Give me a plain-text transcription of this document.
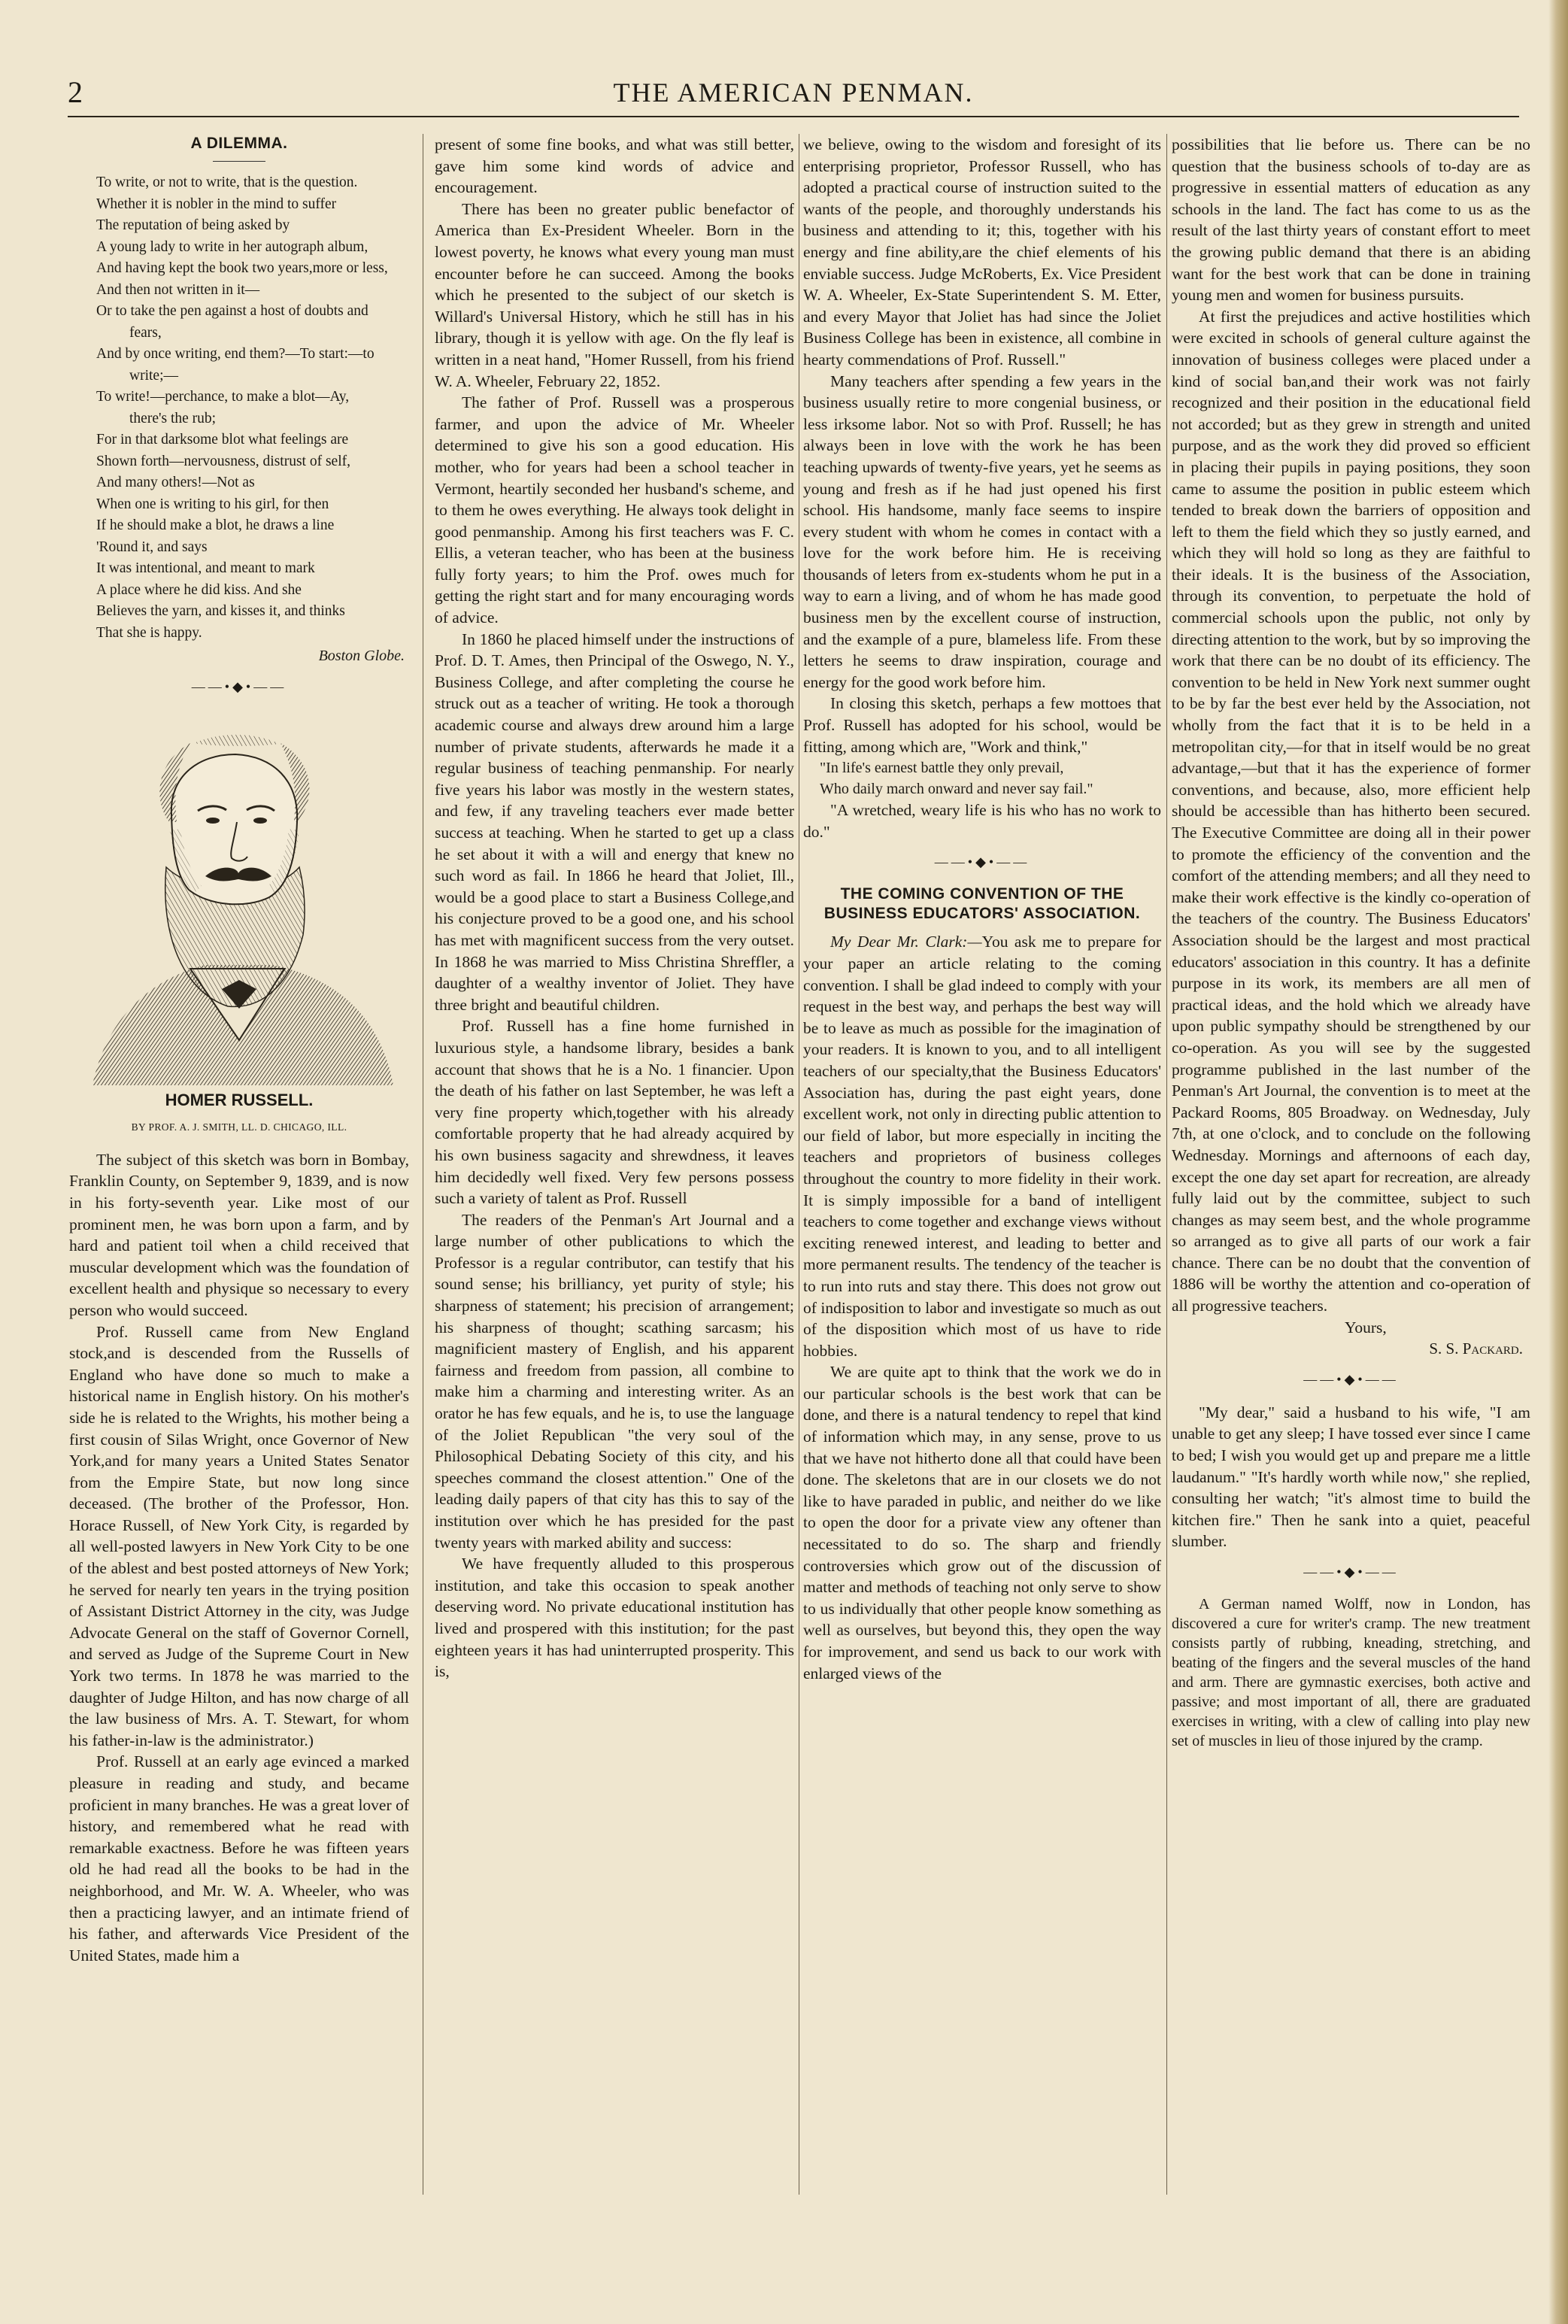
2	THE AMERICAN PENMAN.
A DILEMMA.

To write, or not to write, that is the question.

Whether it is nobler in the mind to suffer

The reputation of being asked by

A young lady to write in her autograph album,

And having kept the book two years,more or less,

And then not written in it—

Or to take the pen against a host of doubts and

fears,

And by once writing, end them?—To start:—to

write;—

To write!—perchance, to make a blot—Ay,

there's the rub;

For in that darksome blot what feelings are

Shown forth—nervousness, distrust of self,

And many others!—Not as

When one is writing to his girl, for then

If he should make a blot, he draws a line

'Round it, and says

It was intentional, and meant to mark

A place where he did kiss. And she

Believes the yarn, and kisses it, and thinks

That she is happy.

Boston Globe.
——•◆•——
HOMER RUSSELL.
BY PROF. A. J. SMITH, LL. D. CHICAGO, ILL.

The subject of this sketch was born in Bombay, Franklin County, on September 9, 1839, and is now in his forty-seventh year. Like most of our prominent men, he was born upon a farm, and by hard and patient toil when a child received that muscular development which was the foundation of excellent health and physique so necessary to every person who would succeed.

Prof. Russell came from New England stock,and is descended from the Russells of England who have done so much to make a historical name in English history. On his mother's side he is related to the Wrights, his mother being a first cousin of Silas Wright, once Governor of New York,and for many years a United States Senator from the Empire State, but now long since deceased. (The brother of the Professor, Hon. Horace Russell, of New York City, is regarded by all well-posted lawyers in New York City to be one of the ablest and best posted attorneys of New York; he served for nearly ten years in the trying position of Assistant District Attorney in the city, was Judge Advocate General on the staff of Governor Cornell, and served as Judge of the Supreme Court in New York two terms. In 1878 he was married to the daughter of Judge Hilton, and has now charge of all the law business of Mrs. A. T. Stewart, for whom his father-in-law is the administrator.)

Prof. Russell at an early age evinced a marked pleasure in reading and study, and became proficient in many branches. He was a great lover of history, and remembered what he read with remarkable exactness. Before he was fifteen years old he had read all the books to be had in the neighborhood, and Mr. W. A. Wheeler, who was then a practicing lawyer, and an intimate friend of his father, and afterwards Vice President of the United States, made him a

present of some fine books, and what was still better, gave him some kind words of advice and encouragement.

There has been no greater public benefactor of America than Ex-President Wheeler. Born in the lowest poverty, he knows what every young man must encounter before he can succeed. Among the books which he presented to the subject of our sketch is Willard's Universal History, which he still has in his library, though it is yellow with age. On the fly leaf is written in a neat hand, "Homer Russell, from his friend W. A. Wheeler, February 22, 1852.

The father of Prof. Russell was a prosperous farmer, and upon the advice of Mr. Wheeler determined to give his son a good education. His mother, who for years had been a school teacher in Vermont, heartily seconded her husband's scheme, and to them he owes everything. He always took delight in good penmanship. Among his first teachers was F. C. Ellis, a veteran teacher, who has been at the business fully forty years; to him the Prof. owes much for getting the right start and for many encouraging words of advice.

In 1860 he placed himself under the instructions of Prof. D. T. Ames, then Principal of the Oswego, N. Y., Business College, and after completing the course he struck out as a teacher of writing. He took a thorough academic course and always drew around him a large number of private students, afterwards he made it a regular business of teaching penmanship. For nearly five years his labor was mostly in the western states, and few, if any traveling teachers ever made better success at teaching. When he started to get up a class he set about it with a will and energy that knew no such word as fail. In 1866 he heard that Joliet, Ill., would be a good place to start a Business College,and his conjecture proved to be a good one, and his school has met with magnificent success from the very outset. In 1868 he was married to Miss Christina Shreffler, a daughter of a wealthy inventor of Joliet. They have three bright and beautiful children.

Prof. Russell has a fine home furnished in luxurious style, a handsome library, besides a bank account that shows that he is a No. 1 financier. Upon the death of his father on last September, he was left a very fine property which,together with his already comfortable property that he had already acquired by his own business sagacity and shrewdness, it leaves him decidedly well fixed. Very few persons possess such a variety of talent as Prof. Russell

The readers of the Penman's Art Journal and a large number of other publications to which the Professor is a regular contributor, can testify that his sound sense; his brilliancy, yet purity of style; his sharpness of statement; his precision of arrangement; his sharpness of thought; scathing sarcasm; his magnificient mastery of English, and his apparent fairness and freedom from passion, all combine to make him a charming and interesting writer. As an orator he has few equals, and he is, to use the language of the Joliet Republican "the very soul of the Philosophical Debating Society of this city, and his speeches command the closest attention." One of the leading daily papers of that city has this to say of the institution over which he has presided for the past twenty years with marked ability and success:

We have frequently alluded to this prosperous institution, and take this occasion to speak another deserving word. No private educational institution has lived and prospered with this institution; for the past eighteen years it has had uninterrupted prosperity. This is,

we believe, owing to the wisdom and foresight of its enterprising proprietor, Professor Russell, who has adopted a practical course of instruction suited to the wants of the people, and thoroughly understands his business and attending to it; this, together with his energy and fine ability,are the chief elements of his enviable success. Judge McRoberts, Ex. Vice President W. A. Wheeler, Ex-State Superintendent S. M. Etter, and every Mayor that Joliet has had since the Joliet Business College has been in existence, all combine in hearty commendations of Prof. Russell."

Many teachers after spending a few years in the business usually retire to more congenial business, or less irksome labor. Not so with Prof. Russell; he has always been in love with the work he has been teaching upwards of twenty-five years, yet he seems as young and fresh as if he had just opened his first school. His handsome, manly face seems to inspire every student with whom he comes in contact with a love for the work before him. He is receiving thousands of leters from ex-students whom he put in a way to earn a living, and of whom he has made good business men by the excellent course of instruction, and the example of a pure, blameless life. From these letters he seems to draw inspiration, courage and energy for the good work before him.

In closing this sketch, perhaps a few mottoes that Prof. Russell has adopted for his school, would be fitting, among which are, "Work and think,"

"In life's earnest battle they only prevail,

Who daily march onward and never say fail."

"A wretched, weary life is his who has no work to do."

——•◆•——
THE COMING CONVENTION OF THE BUSINESS EDUCATORS' ASSOCIATION.

My Dear Mr. Clark:—You ask me to prepare for your paper an article relating to the coming convention. I shall be glad indeed to comply with your request in the best way, and perhaps the best way will be to leave as much as possible for the imagination of your readers. It is known to you, and to all intelligent teachers of our specialty,that the Business Educators' Association has, during the past eight years, done excellent work, not only in directing public attention to our field of labor, but more especially in inciting the teachers and proprietors of business colleges throughout the country to more fidelity in their work. It is simply impossible for a band of intelligent teachers to come together and exchange views without exciting renewed interest, and leading to better and more permanent results. The tendency of the teacher is to run into ruts and stay there. This does not grow out of indisposition to labor and investigate so much as out of the disposition which most of us have to ride hobbies.

We are quite apt to think that the work we do in our particular schools is the best work that can be done, and there is a natural tendency to repel that kind of information which may, in any sense, prove to us that we have not hitherto done all that could have been done. The skeletons that are in our closets we do not like to have paraded in public, and neither do we like to open the door for a private view any oftener than necessitated to do so. The sharp and friendly controversies which grow out of the discussion of matter and methods of teaching not only serve to show to us individually that other people know something as well as ourselves, but beyond this, they open the way for improvement, and send us back to our work with enlarged views of the

possibilities that lie before us. There can be no question that the business schools of to-day are as progressive in essential matters of education as any schools in the land. The fact has come to us as the result of the last thirty years of constant effort to meet the growing public demand that there is an abiding want for the best work that can be done in training young men and women for business pursuits.

At first the prejudices and active hostilities which were excited in schools of general culture against the innovation of business colleges were placed under a kind of social ban,and their work was not fairly recognized and their position in the educational field not accorded; but as they grew in strength and united purpose, and as the work they did proved so efficient in placing their pupils in paying positions, they soon came to assume the position in public esteem which tended to break down the barriers of opposition and left to them the field which they so justly earned, and which they will hold so long as they are faithful to their ideals. It is the business of the Association, through its convention, to perpetuate the hold of commercial schools upon the public, not only by directing attention to the work, but by so improving the work that there can be no doubt of its efficiency. The convention to be held in New York next summer ought to be by far the best ever held by the Association, not wholly from the fact that it is to be held in a metropolitan city,—for that in itself would be no great advantage,—but that it has the experience of former conventions, and because, also, more efficient help should be accessible than has hitherto been secured. The Executive Committee are doing all in their power to promote the efficiency of the convention and the comfort of the attending members; and all they need to make their work effective is the kindly co-operation of the teachers of the country. The Business Educators' Association should be the largest and most practical educators' association in this country. It has a definite purpose in its work, its members are all men of practical ideas, and the hold which we already have upon public sympathy should be strengthened by our co-operation. As you will see by the suggested programme published in the last number of the Penman's Art Journal, the convention is to meet at the Packard Rooms, 805 Broadway. on Wednesday, July 7th, at one o'clock, and to conclude on the following Wednesday. Mornings and afternoons of each day, except the one day set apart for recreation, are already fully laid out by the committee, subject to such changes as may seem best, and the whole programme so arranged as to give all parts of our work a fair chance. There can be no doubt that the convention of 1886 will be worthy the attention and co-operation of all progressive teachers.

Yours,

S. S. Packard.
——•◆•——

"My dear," said a husband to his wife, "I am unable to get any sleep; I have tossed ever since I came to bed; I wish you would get up and prepare me a little laudanum." "It's hardly worth while now," she replied, consulting her watch; "it's almost time to build the kitchen fire." Then he sank into a quiet, peaceful slumber.

——•◆•——

A German named Wolff, now in London, has discovered a cure for writer's cramp. The new treatment consists partly of rubbing, kneading, stretching, and beating of the fingers and the several muscles of the hand and arm. There are gymnastic exercises, both active and passive; and most important of all, there are graduated exercises in writing, with a clew of calling into play new set of muscles in lieu of those injured by the cramp.
